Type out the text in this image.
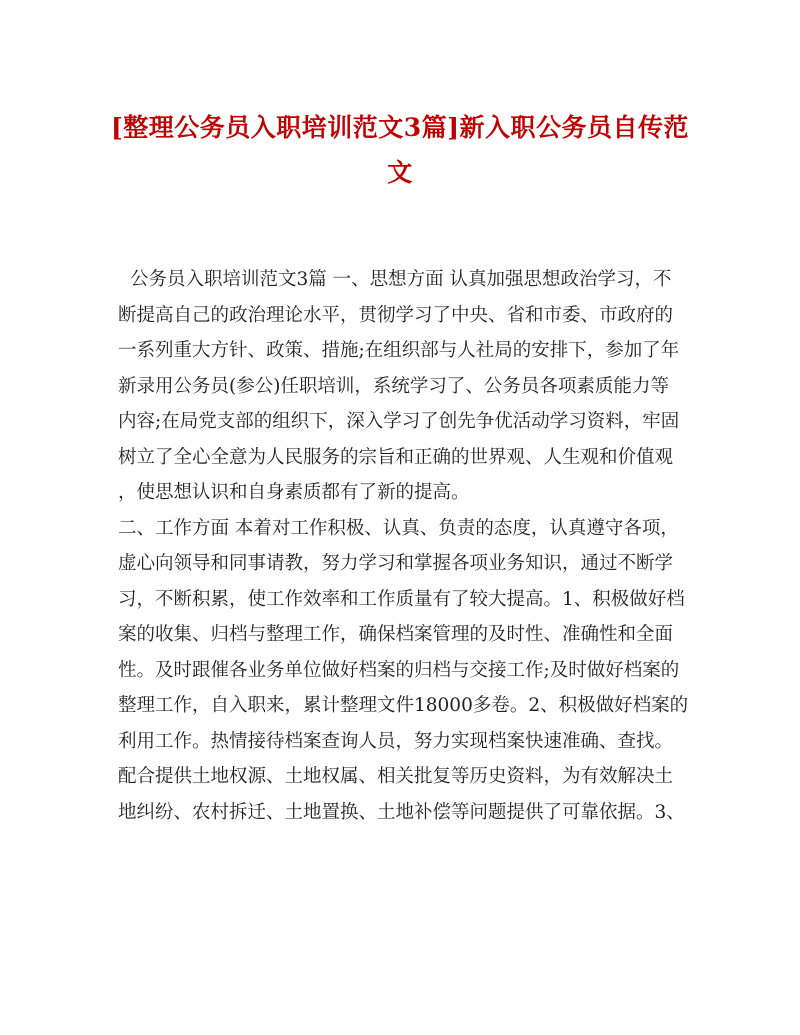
[整理公务员入职培训范文3篇]新入职公务员自传范
文
公务员入职培训范文3篇 一、思想方面 认真加强思想政治学习，不
断提高自己的政治理论水平，贯彻学习了中央、省和市委、市政府的
一系列重大方针、政策、措施;在组织部与人社局的安排下，参加了年
新录用公务员(参公)任职培训，系统学习了、公务员各项素质能力等
内容;在局党支部的组织下，深入学习了创先争优活动学习资料，牢固
树立了全心全意为人民服务的宗旨和正确的世界观、人生观和价值观
，使思想认识和自身素质都有了新的提高。
二、工作方面 本着对工作积极、认真、负责的态度，认真遵守各项，
虚心向领导和同事请教，努力学习和掌握各项业务知识，通过不断学
习，不断积累，使工作效率和工作质量有了较大提高。1、积极做好档
案的收集、归档与整理工作，确保档案管理的及时性、准确性和全面
性。及时跟催各业务单位做好档案的归档与交接工作;及时做好档案的
整理工作，自入职来，累计整理文件18000多卷。2、积极做好档案的
利用工作。热情接待档案查询人员，努力实现档案快速准确、查找。
配合提供土地权源、土地权属、相关批复等历史资料，为有效解决土
地纠纷、农村拆迁、土地置换、土地补偿等问题提供了可靠依据。3、
